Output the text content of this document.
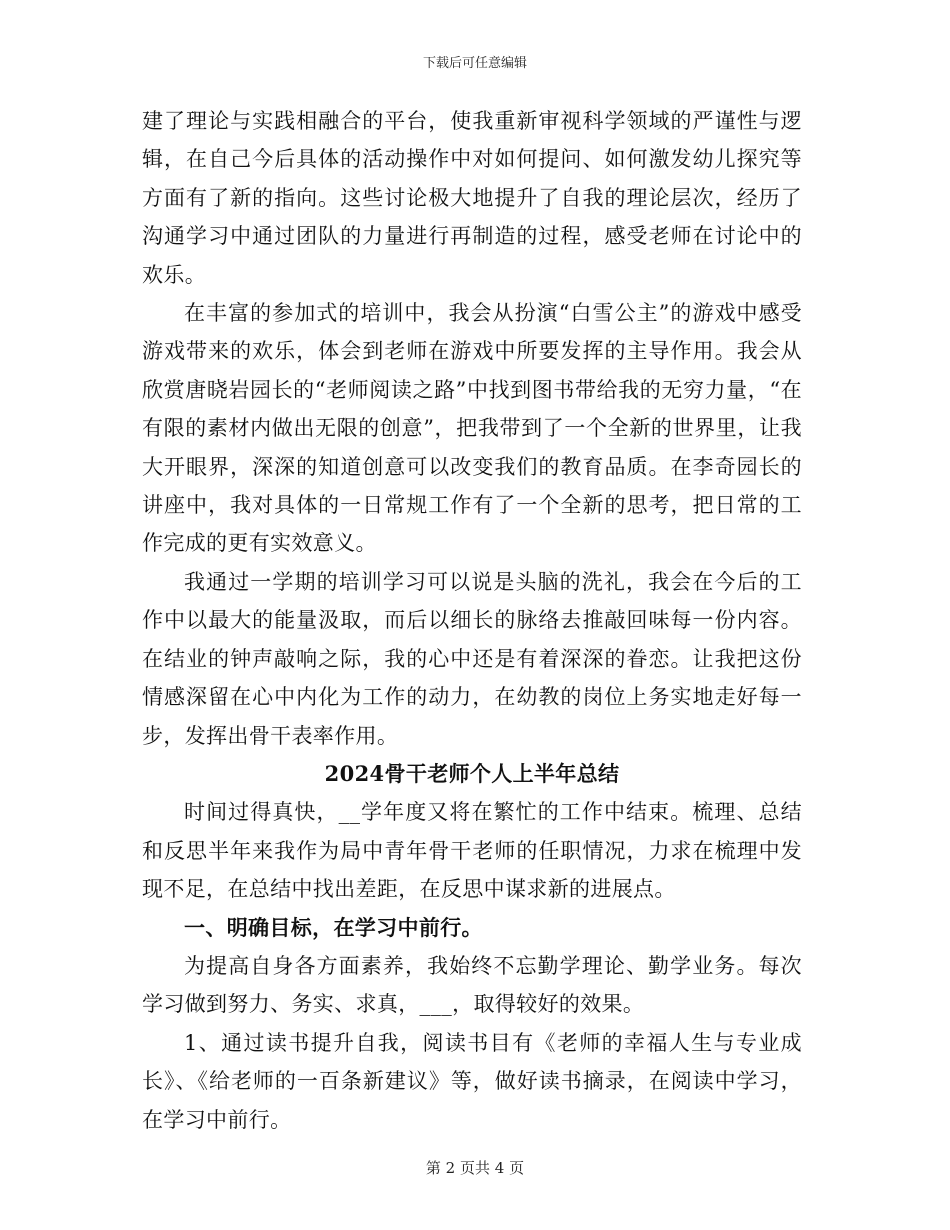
下载后可任意编辑

建了理论与实践相融合的平台，使我重新审视科学领域的严谨性与逻辑，在自己今后具体的活动操作中对如何提问、如何激发幼儿探究等方面有了新的指向。这些讨论极大地提升了自我的理论层次，经历了沟通学习中通过团队的力量进行再制造的过程，感受老师在讨论中的欢乐。

在丰富的参加式的培训中，我会从扮演“白雪公主”的游戏中感受游戏带来的欢乐，体会到老师在游戏中所要发挥的主导作用。我会从欣赏唐晓岩园长的“老师阅读之路”中找到图书带给我的无穷力量，“在有限的素材内做出无限的创意”，把我带到了一个全新的世界里，让我大开眼界，深深的知道创意可以改变我们的教育品质。在李奇园长的讲座中，我对具体的一日常规工作有了一个全新的思考，把日常的工作完成的更有实效意义。

我通过一学期的培训学习可以说是头脑的洗礼，我会在今后的工作中以最大的能量汲取，而后以细长的脉络去推敲回味每一份内容。在结业的钟声敲响之际，我的心中还是有着深深的眷恋。让我把这份情感深留在心中内化为工作的动力，在幼教的岗位上务实地走好每一步，发挥出骨干表率作用。

2024骨干老师个人上半年总结

时间过得真快，__学年度又将在繁忙的工作中结束。梳理、总结和反思半年来我作为局中青年骨干老师的任职情况，力求在梳理中发现不足，在总结中找出差距，在反思中谋求新的进展点。

一、明确目标，在学习中前行。

为提高自身各方面素养，我始终不忘勤学理论、勤学业务。每次学习做到努力、务实、求真，___，取得较好的效果。

1、通过读书提升自我，阅读书目有《老师的幸福人生与专业成长》、《给老师的一百条新建议》等，做好读书摘录，在阅读中学习，在学习中前行。

第 2 页共 4 页
